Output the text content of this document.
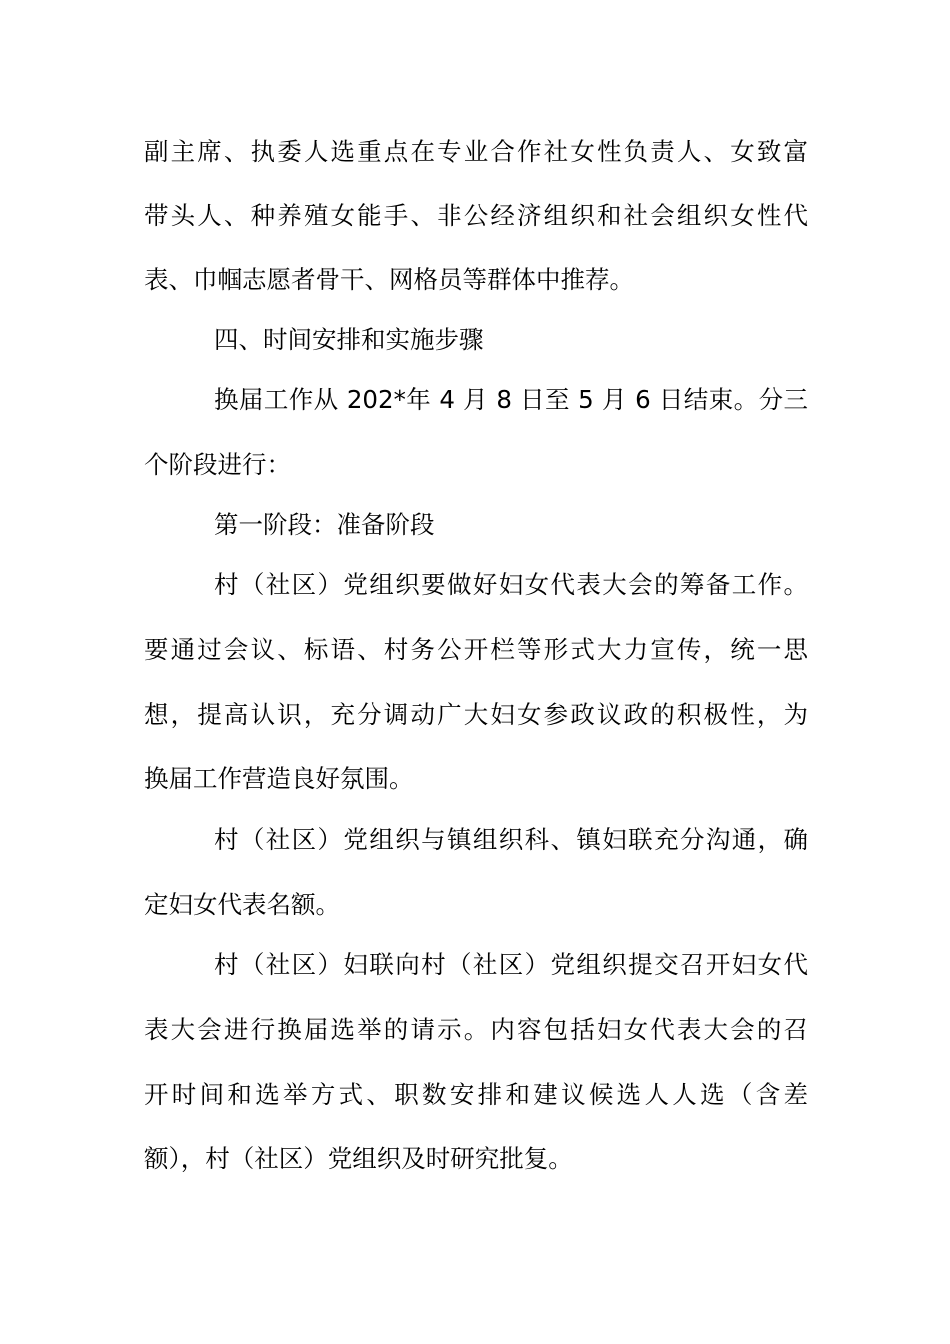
副主席、执委人选重点在专业合作社女性负责人、女致富
带头人、种养殖女能手、非公经济组织和社会组织女性代
表、巾帼志愿者骨干、网格员等群体中推荐。
四、时间安排和实施步骤
换届工作从 202*年 4 月 8 日至 5 月 6 日结束。分三
个阶段进行：
第一阶段：准备阶段
村（社区）党组织要做好妇女代表大会的筹备工作。
要通过会议、标语、村务公开栏等形式大力宣传，统一思
想，提高认识，充分调动广大妇女参政议政的积极性，为
换届工作营造良好氛围。
村（社区）党组织与镇组织科、镇妇联充分沟通，确
定妇女代表名额。
村（社区）妇联向村（社区）党组织提交召开妇女代
表大会进行换届选举的请示。内容包括妇女代表大会的召
开时间和选举方式、职数安排和建议候选人人选（含差
额），村（社区）党组织及时研究批复。
